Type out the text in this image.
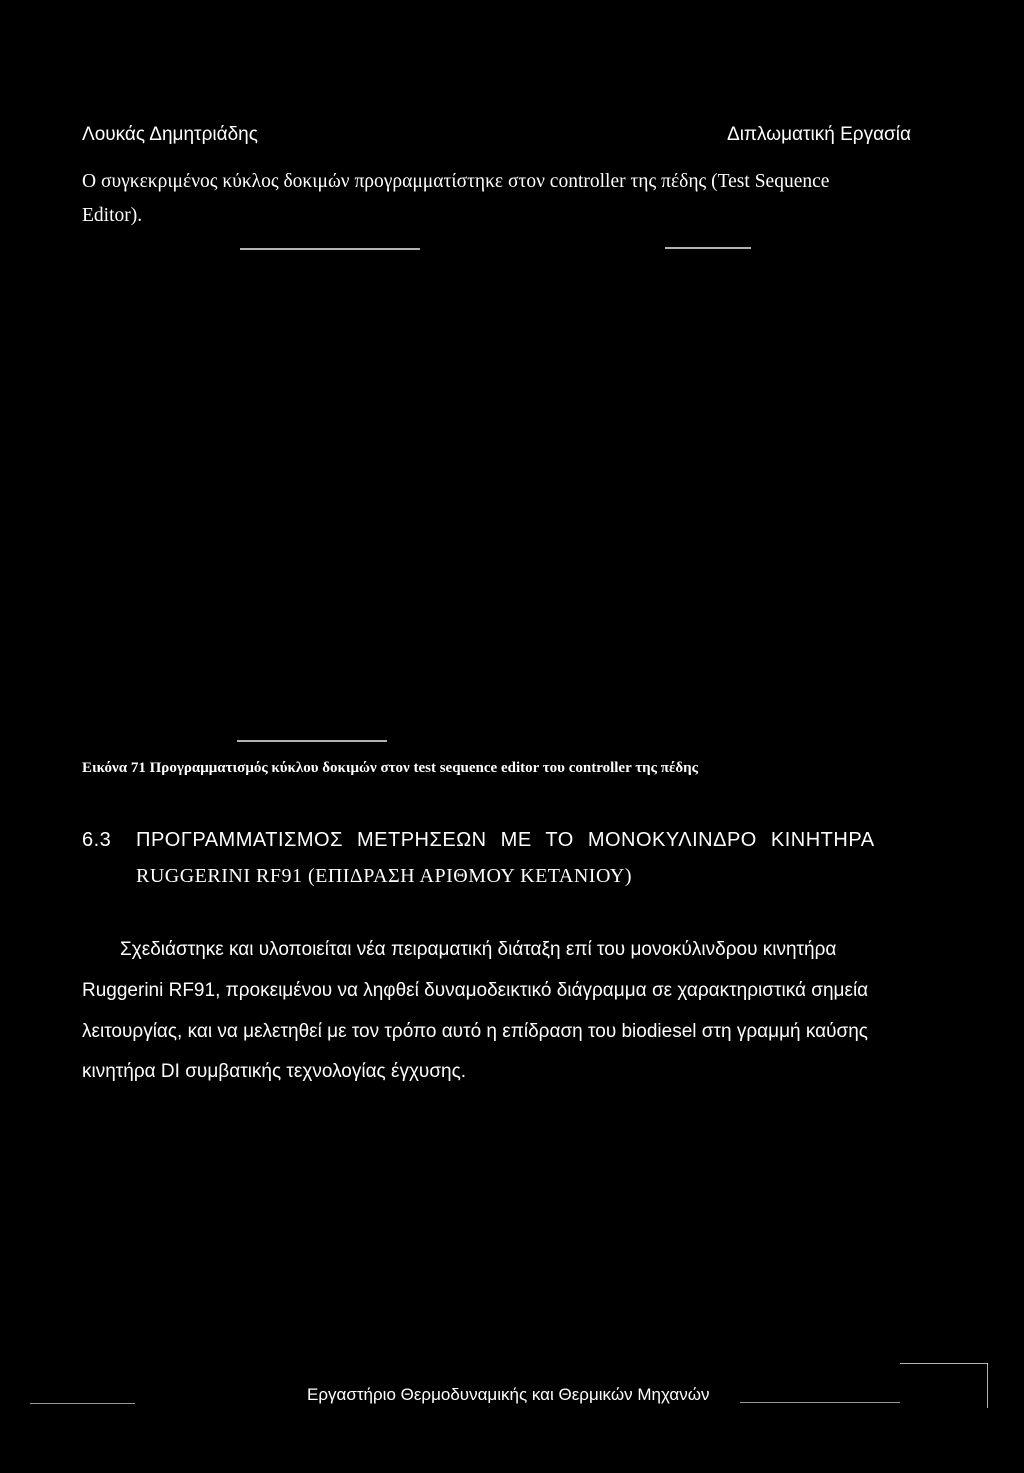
Λουκάς Δημητριάδης	Διπλωματική Εργασία
Ο συγκεκριμένος κύκλος δοκιμών προγραμματίστηκε στον controller της πέδης (Test Sequence
Editor).
Εικόνα 71 Προγραμματισμός κύκλου δοκιμών στον test sequence editor του controller της πέδης
6.3 ΠΡΟΓΡΑΜΜΑΤΙΣΜΟΣ ΜΕΤΡΗΣΕΩΝ ΜΕ ΤΟ ΜΟΝΟΚΥΛΙΝΔΡΟ ΚΙΝΗΤΗΡΑ
RUGGERINI RF91 (ΕΠΙΔΡΑΣΗ ΑΡΙΘΜΟΥ ΚΕΤΑΝΙΟΥ)
Σχεδιάστηκε και υλοποιείται νέα πειραματική διάταξη επί του μονοκύλινδρου κινητήρα
Ruggerini RF91, προκειμένου να ληφθεί δυναμοδεικτικό διάγραμμα σε χαρακτηριστικά σημεία
λειτουργίας, και να μελετηθεί με τον τρόπο αυτό η επίδραση του biodiesel στη γραμμή καύσης
κινητήρα DI συμβατικής τεχνολογίας έγχυσης.
Εργαστήριο Θερμοδυναμικής και Θερμικών Μηχανών
